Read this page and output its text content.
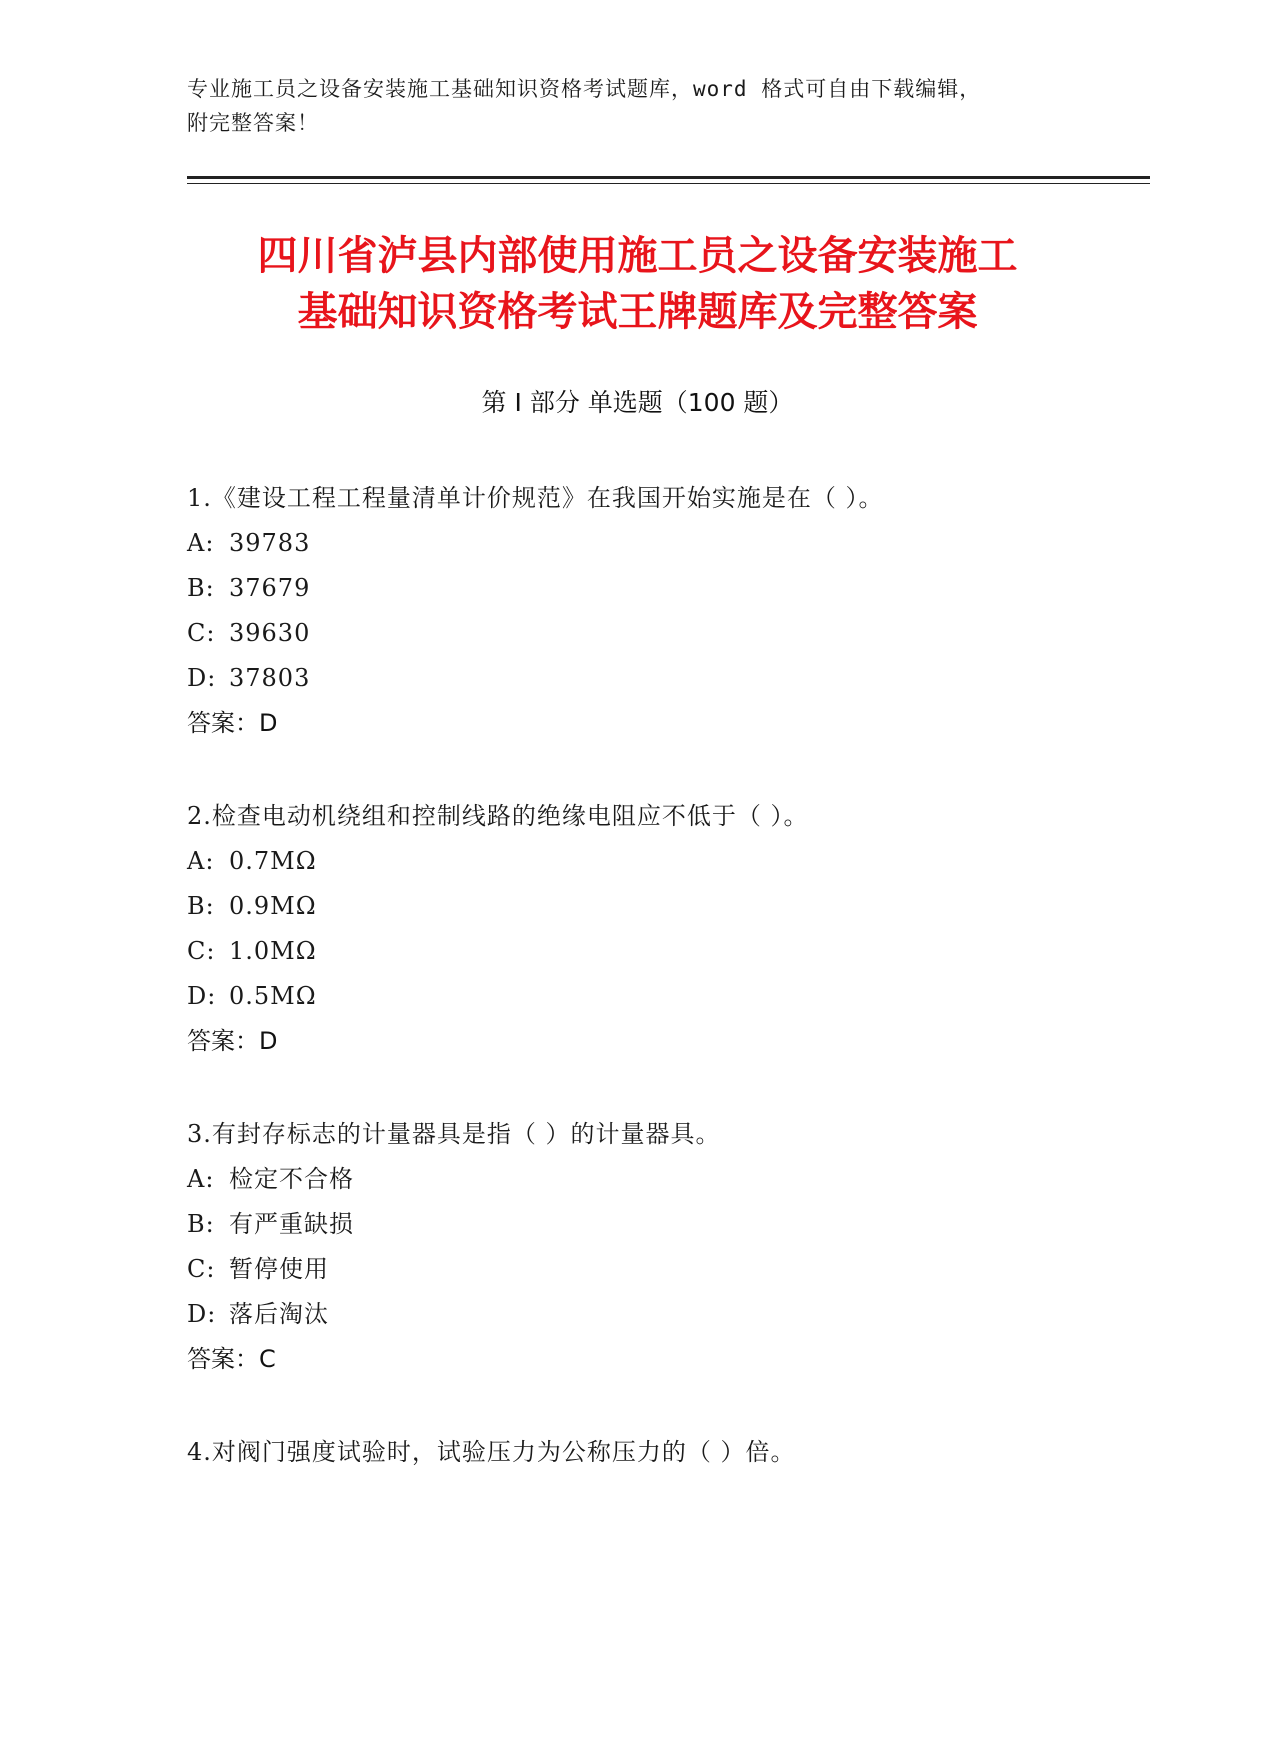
专业施工员之设备安装施工基础知识资格考试题库，word 格式可自由下载编辑，
附完整答案！
四川省泸县内部使用施工员之设备安装施工
基础知识资格考试王牌题库及完整答案
第 I 部分 单选题（100 题）
1.《建设工程工程量清单计价规范》在我国开始实施是在（ ）。
A: 39783
B: 37679
C: 39630
D: 37803
答案：D
2.检查电动机绕组和控制线路的绝缘电阻应不低于（ ）。
A: 0.7MΩ
B: 0.9MΩ
C: 1.0MΩ
D: 0.5MΩ
答案：D
3.有封存标志的计量器具是指（ ）的计量器具。
A: 检定不合格
B: 有严重缺损
C: 暂停使用
D: 落后淘汰
答案：C
4.对阀门强度试验时，试验压力为公称压力的（ ）倍。
